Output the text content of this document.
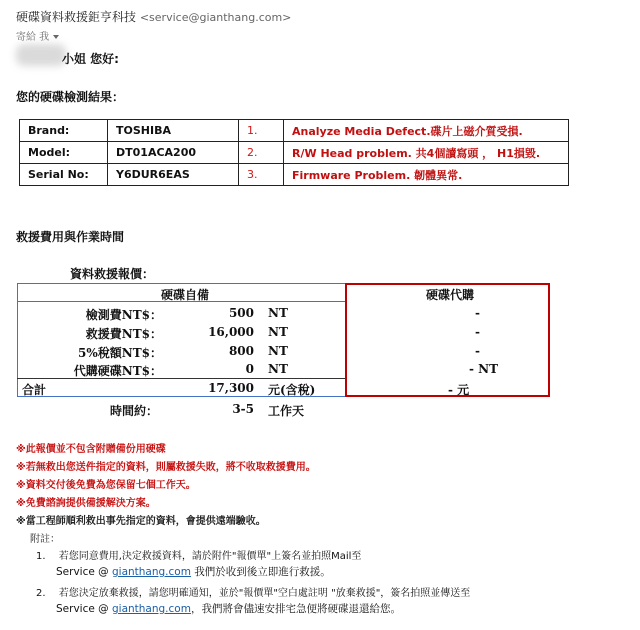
硬碟資料救援鉅亨科技 <service@gianthang.com>
寄給 我
小姐 您好:
您的硬碟檢測結果：
Brand:	TOSHIBA	1.	Analyze Media Defect.碟片上磁介質受損.
Model:	DT01ACA200	2.	R/W Head problem. 共4個讀寫頭 ， H1損毀.
Serial No:	Y6DUR6EAS	3.	Firmware Problem. 韌體異常.
救援費用與作業時間
資料救援報價：
硬碟自備	硬碟代購
檢測費NT$：	500 NT	-
救援費NT$：	16,000 NT	-
5%稅額NT$：	800 NT	-
代購硬碟NT$：	0 NT	- NT
合計	17,300 元(含稅)	- 元
時間約：	3-5 工作天
※此報價並不包含附贈備份用硬碟
※若無救出您送件指定的資料，則屬救援失敗，將不收取救援費用。
※資料交付後免費為您保留七個工作天。
※免費諮詢提供備援解決方案。
※當工程師順利救出事先指定的資料，會提供遠端驗收。
附註：
1. 若您同意費用,決定救援資料，請於附件"報價單"上簽名並拍照Mail至
Service @ gianthang.com 我們於收到後立即進行救援。
2. 若您決定放棄救援，請您明確通知，並於"報價單"空白處註明 "放棄救援"，簽名拍照並傳送至
Service @ gianthang.com，我們將會儘速安排宅急便將硬碟退還給您。
